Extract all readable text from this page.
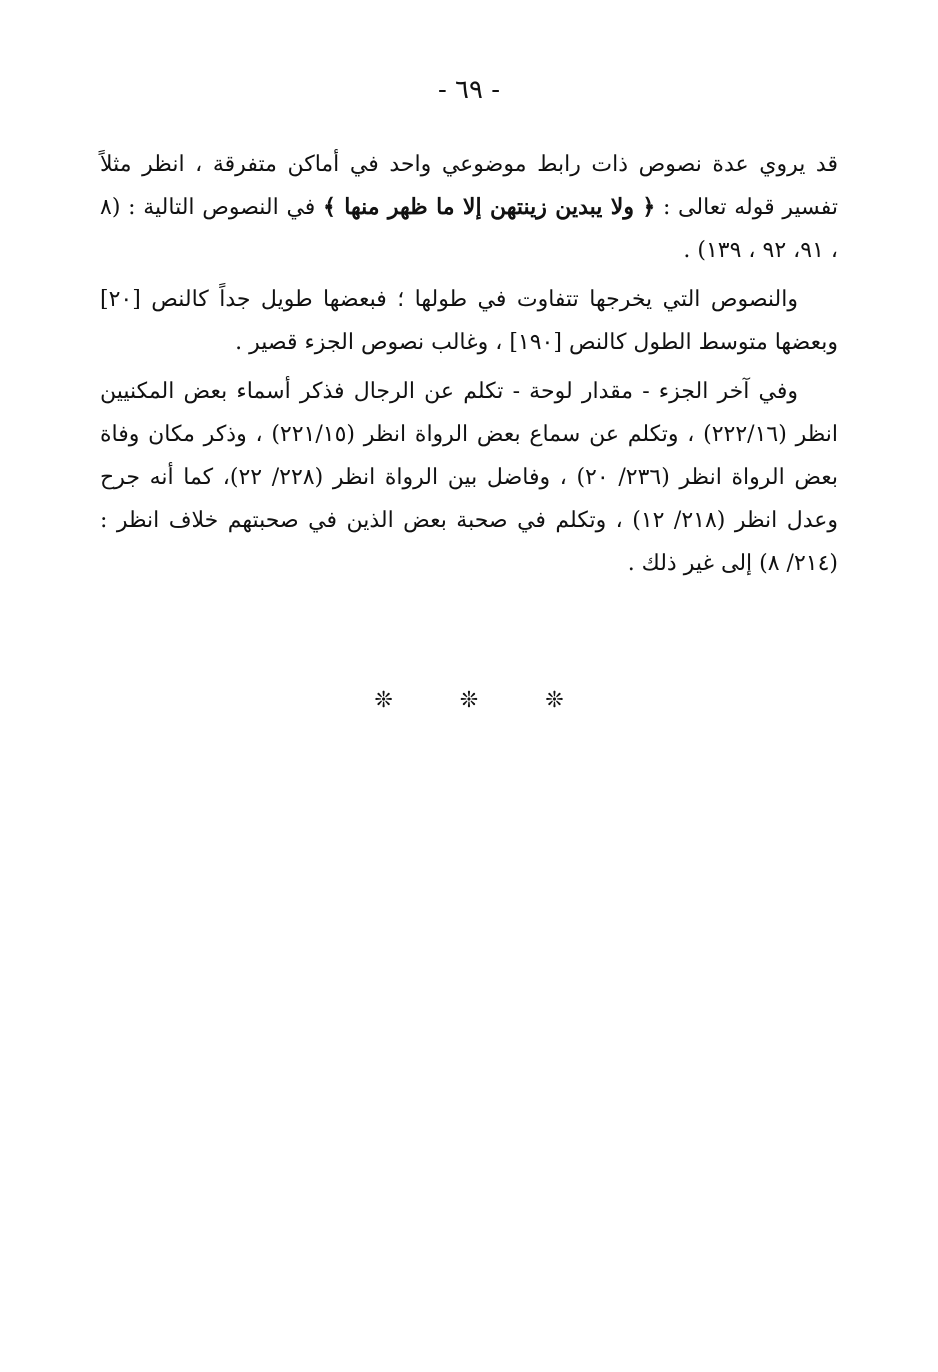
- ٦٩ -

قد يروي عدة نصوص ذات رابط موضوعي واحد في أماكن متفرقة ، انظر مثلاً تفسير قوله تعالى : ﴿ ولا يبدين زينتهن إلا ما ظهر منها ﴾ في النصوص التالية : (٨ ، ٩١، ٩٢ ، ١٣٩) .

والنصوص التي يخرجها تتفاوت في طولها ؛ فبعضها طويل جداً كالنص [٢٠] وبعضها متوسط الطول كالنص [١٩٠] ، وغالب نصوص الجزء قصير .

وفي آخر الجزء - مقدار لوحة - تكلم عن الرجال فذكر أسماء بعض المكنيين انظر (٢٢٢/١٦) ، وتكلم عن سماع بعض الرواة انظر (٢٢١/١٥) ، وذكر مكان وفاة بعض الرواة انظر (٢٣٦/ ٢٠) ، وفاضل بين الرواة انظر (٢٢٨/ ٢٢)، كما أنه جرح وعدل انظر (٢١٨/ ١٢) ، وتكلم في صحبة بعض الذين في صحبتهم خلاف انظر : (٢١٤/ ٨) إلى غير ذلك .

❊ ❊ ❊
